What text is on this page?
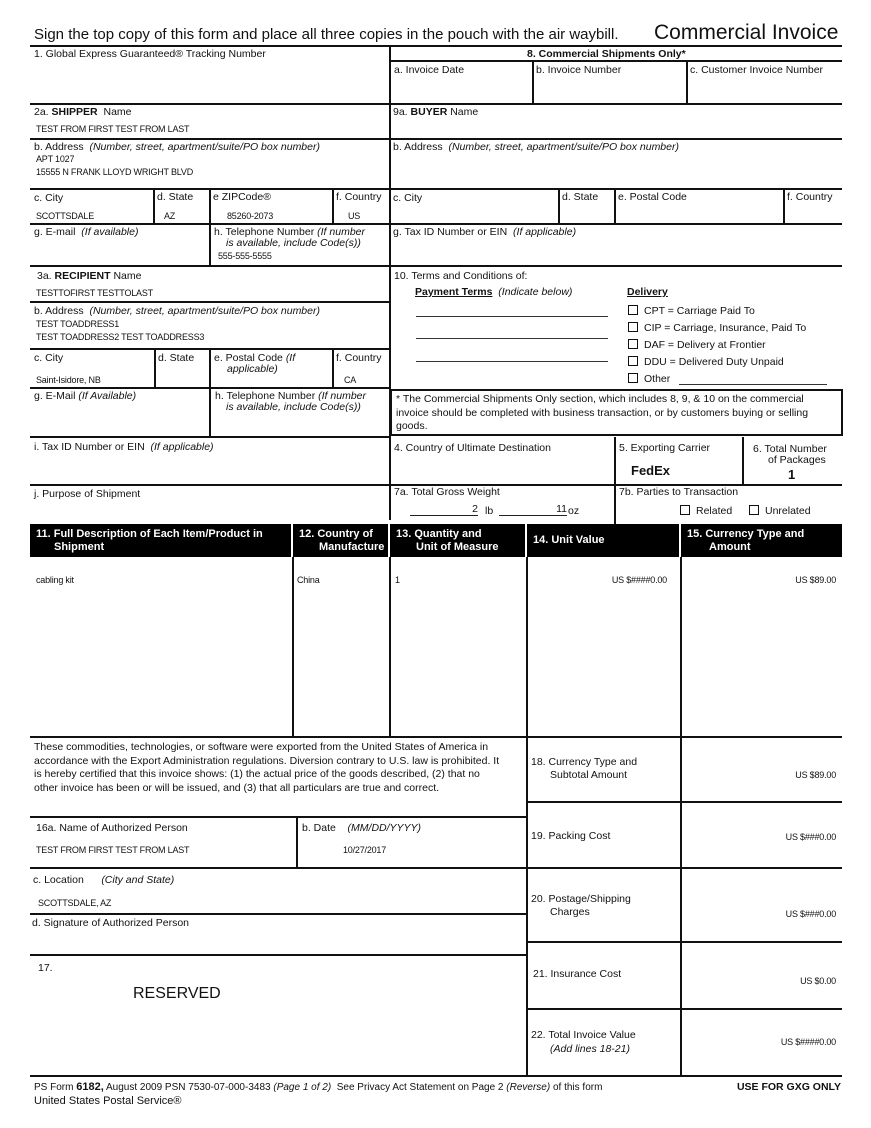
Sign the top copy of this form and place all three copies in the pouch with the air waybill. Commercial Invoice
1. Global Express Guaranteed® Tracking Number	8. Commercial Shipments Only*
a. Invoice Date	b. Invoice Number	c. Customer Invoice Number
2a. SHIPPER Name
TEST FROM FIRST TEST FROM LAST
9a. BUYER Name
b. Address (Number, street, apartment/suite/PO box number)
APT 1027
15555 N FRANK LLOYD WRIGHT BLVD
b. Address (Number, street, apartment/suite/PO box number)
c. City
SCOTTSDALE
d. State
AZ
e ZIPCode®
85260-2073
f. Country
US
c. City	d. State e. Postal Code	f. Country
g. E-mail (If available)	h. Telephone Number (If number
is available, include Code(s))
555-555-5555
g. Tax ID Number or EIN (If applicable)
3a. RECIPIENT Name
TESTTOFIRST TESTTOLAST
b. Address (Number, street, apartment/suite/PO box number)
TEST TOADDRESS1
TEST TOADDRESS2 TEST TOADDRESS3
c. City
Saint-Isidore, NB
d. State e. Postal Code (If
applicable)
f. Country
CA
g. E-Mail (If Available)	h. Telephone Number (If number
is available, include Code(s))
i. Tax ID Number or EIN (If applicable)
j. Purpose of Shipment
10. Terms and Conditions of:
Payment Terms (Indicate below)	Delivery
CPT = Carriage Paid To
CIP = Carriage, Insurance, Paid To
DAF = Delivery at Frontier
DDU = Delivered Duty Unpaid
Other
* The Commercial Shipments Only section, which includes 8, 9, & 10 on the commercial invoice should be completed with business transaction, or by customers buying or selling goods.
4. Country of Ultimate Destination	5. Exporting Carrier
FedEx
6. Total Number
of Packages
1
7a. Total Gross Weight
2 lb	11 oz
7b. Parties to Transaction
Related	Unrelated
11. Full Description of Each Item/Product in
Shipment
12. Country of
Manufacture
13. Quantity and
Unit of Measure
14. Unit Value	15. Currency Type and
Amount
cabling kit	China	1	US $####0.00	US $89.00
These commodities, technologies, or software were exported from the United States of America in accordance with the Export Administration regulations. Diversion contrary to U.S. law is prohibited. It is hereby certified that this invoice shows: (1) the actual price of the goods described, (2) that no other invoice has been or will be issued, and (3) that all particulars are true and correct.
16a. Name of Authorized Person
TEST FROM FIRST TEST FROM LAST
b. Date (MM/DD/YYYY)
10/27/2017
c. Location (City and State)
SCOTTSDALE, AZ
d. Signature of Authorized Person
17.
RESERVED
18. Currency Type and
Subtotal Amount	US $89.00
19. Packing Cost	US $###0.00
20. Postage/Shipping
Charges	US $###0.00
21. Insurance Cost
US $0.00
22. Total Invoice Value
(Add lines 18-21)
US $####0.00
PS Form 6182, August 2009 PSN 7530-07-000-3483 (Page 1 of 2) See Privacy Act Statement on Page 2 (Reverse) of this form
United States Postal Service®
USE FOR GXG ONLY
